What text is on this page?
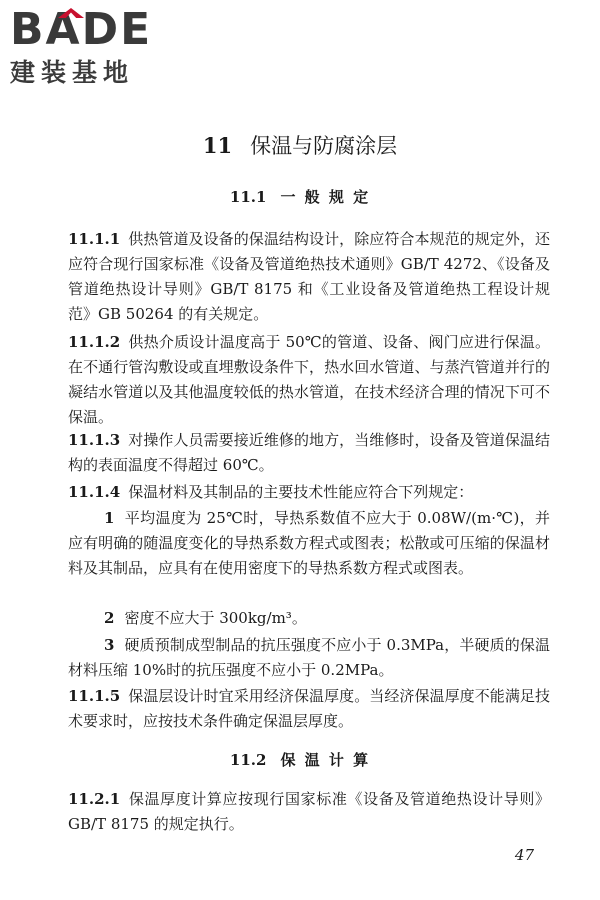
BADE
建装基地
11 保温与防腐涂层
11.1 一 般 规 定
11.1.1 供热管道及设备的保温结构设计，除应符合本规范的规定外，还应符合现行国家标准《设备及管道绝热技术通则》GB/T 4272、《设备及管道绝热设计导则》GB/T 8175 和《工业设备及管道绝热工程设计规范》GB 50264 的有关规定。
11.1.2 供热介质设计温度高于 50℃的管道、设备、阀门应进行保温。在不通行管沟敷设或直埋敷设条件下，热水回水管道、与蒸汽管道并行的凝结水管道以及其他温度较低的热水管道，在技术经济合理的情况下可不保温。
11.1.3 对操作人员需要接近维修的地方，当维修时，设备及管道保温结构的表面温度不得超过 60℃。
11.1.4 保温材料及其制品的主要技术性能应符合下列规定：
1 平均温度为 25℃时，导热系数值不应大于 0.08W/(m·℃)，并应有明确的随温度变化的导热系数方程式或图表；松散或可压缩的保温材料及其制品，应具有在使用密度下的导热系数方程式或图表。
2 密度不应大于 300kg/m³。
3 硬质预制成型制品的抗压强度不应小于 0.3MPa，半硬质的保温材料压缩 10%时的抗压强度不应小于 0.2MPa。
11.1.5 保温层设计时宜采用经济保温厚度。当经济保温厚度不能满足技术要求时，应按技术条件确定保温层厚度。
11.2 保 温 计 算
11.2.1 保温厚度计算应按现行国家标准《设备及管道绝热设计导则》GB/T 8175 的规定执行。
47
